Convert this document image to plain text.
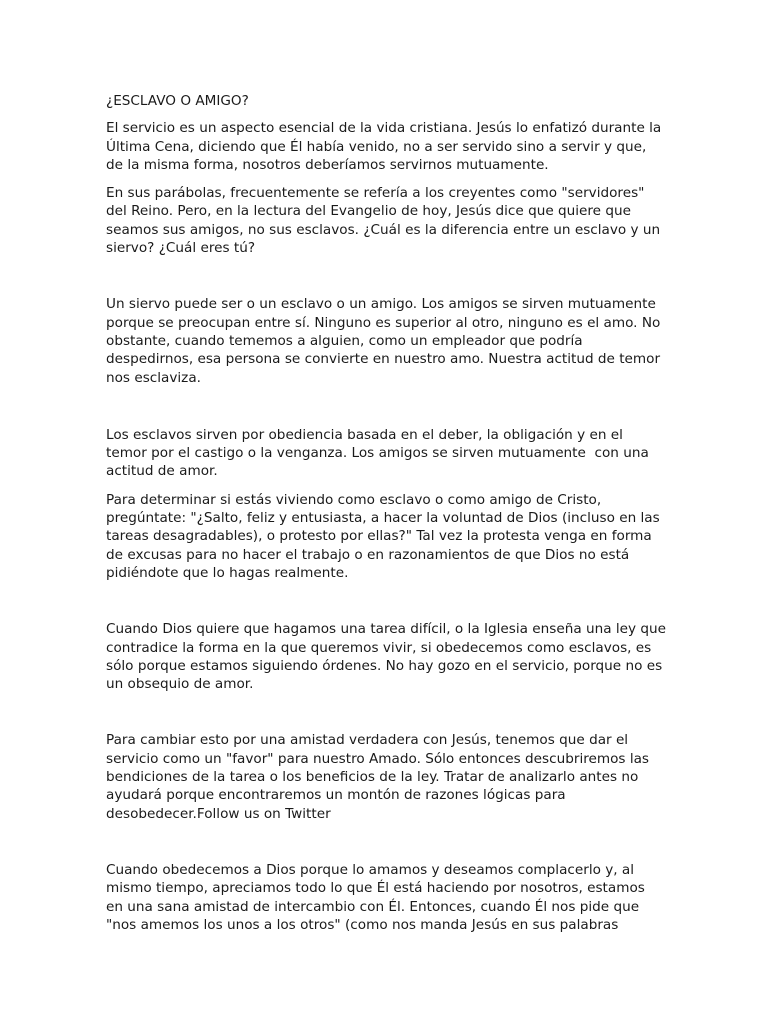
¿ESCLAVO O AMIGO?

El servicio es un aspecto esencial de la vida cristiana. Jesús lo enfatizó durante la Última Cena, diciendo que Él había venido, no a ser servido sino a servir y que, de la misma forma, nosotros deberíamos servirnos mutuamente.

En sus parábolas, frecuentemente se refería a los creyentes como "servidores" del Reino. Pero, en la lectura del Evangelio de hoy, Jesús dice que quiere que seamos sus amigos, no sus esclavos. ¿Cuál es la diferencia entre un esclavo y un siervo? ¿Cuál eres tú?

Un siervo puede ser o un esclavo o un amigo. Los amigos se sirven mutuamente porque se preocupan entre sí. Ninguno es superior al otro, ninguno es el amo. No obstante, cuando tememos a alguien, como un empleador que podría despedirnos, esa persona se convierte en nuestro amo. Nuestra actitud de temor nos esclaviza.

Los esclavos sirven por obediencia basada en el deber, la obligación y en el temor por el castigo o la venganza. Los amigos se sirven mutuamente  con una actitud de amor.

Para determinar si estás viviendo como esclavo o como amigo de Cristo, pregúntate: "¿Salto, feliz y entusiasta, a hacer la voluntad de Dios (incluso en las tareas desagradables), o protesto por ellas?" Tal vez la protesta venga en forma de excusas para no hacer el trabajo o en razonamientos de que Dios no está pidiéndote que lo hagas realmente.

Cuando Dios quiere que hagamos una tarea difícil, o la Iglesia enseña una ley que contradice la forma en la que queremos vivir, si obedecemos como esclavos, es sólo porque estamos siguiendo órdenes. No hay gozo en el servicio, porque no es un obsequio de amor.

Para cambiar esto por una amistad verdadera con Jesús, tenemos que dar el servicio como un "favor" para nuestro Amado. Sólo entonces descubriremos las bendiciones de la tarea o los beneficios de la ley. Tratar de analizarlo antes no ayudará porque encontraremos un montón de razones lógicas para desobedecer.Follow us on Twitter

Cuando obedecemos a Dios porque lo amamos y deseamos complacerlo y, al mismo tiempo, apreciamos todo lo que Él está haciendo por nosotros, estamos en una sana amistad de intercambio con Él. Entonces, cuando Él nos pide que "nos amemos los unos a los otros" (como nos manda Jesús en sus palabras
